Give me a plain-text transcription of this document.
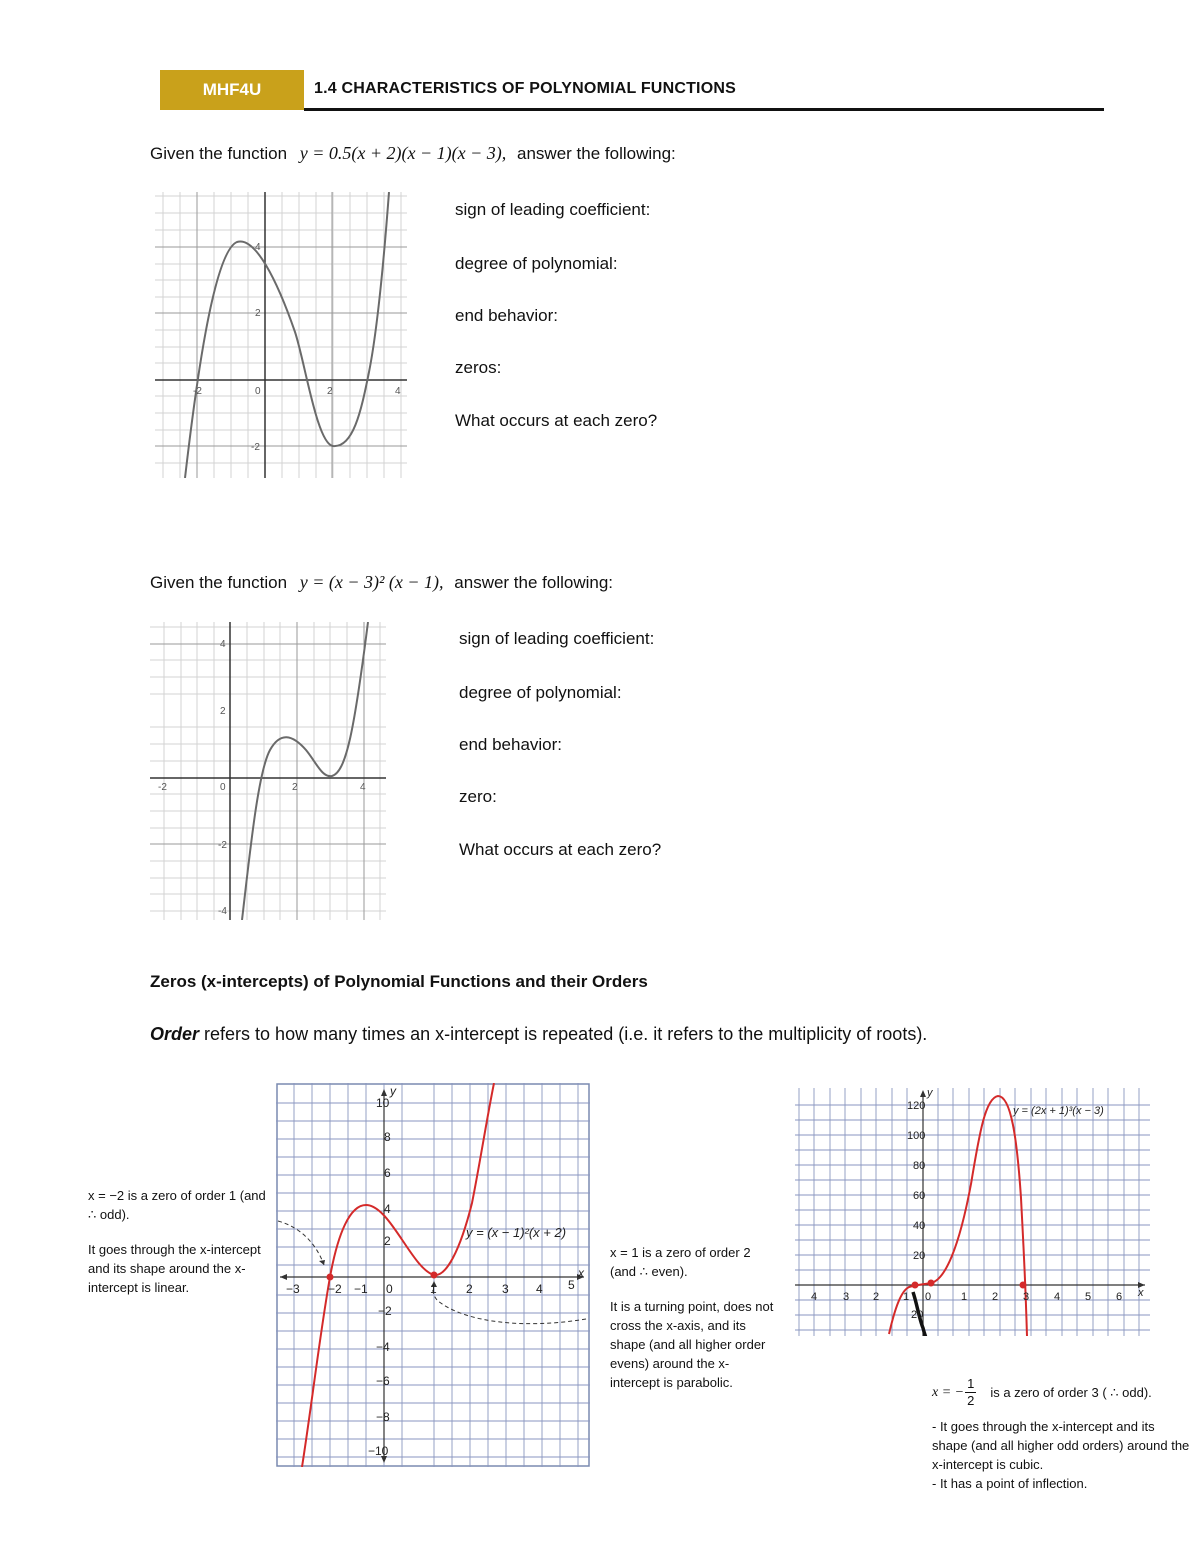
MHF4U	1.4 CHARACTERISTICS OF POLYNOMIAL FUNCTIONS
Given the function y = 0.5(x + 2)(x − 1)(x − 3), answer the following:
-2	0	2	4
4
2
-2
sign of leading coefficient:
degree of polynomial:
end behavior:
zeros:
What occurs at each zero?
Given the function y = (x − 3)² (x − 1), answer the following:
-2	0	2	4
4
2
-2
-4
sign of leading coefficient:
degree of polynomial:
end behavior:
zero:
What occurs at each zero?
Zeros (x-intercepts) of Polynomial Functions and their Orders
Order refers to how many times an x-intercept is repeated (i.e. it refers to the multiplicity of roots).

x = −2 is a zero of order 1 (and ∴ odd).

It goes through the x-intercept and its shape around the x-intercept is linear.	−3 −2 −1 0	1 2 3 4 5
x
y
10
8
6
4
2
−2
−4
−6
−8
−10
y = (x − 1)²(x + 2)

x = 1 is a zero of order 2 (and ∴ even).

It is a turning point, does not cross the x-axis, and its shape (and all higher order evens) around the x-intercept is parabolic.

4 3 2 1 0	1 2 3 4 5 6 x
y
120
100
80
60
40
20
20
y = (2x + 1)³(x − 3)
x = − $\frac{1}{2}$ is a zero of order 3 ( ∴ odd).
- It goes through the x-intercept and its shape (and all higher odd orders) around the x-intercept is cubic.
- It has a point of inflection.
